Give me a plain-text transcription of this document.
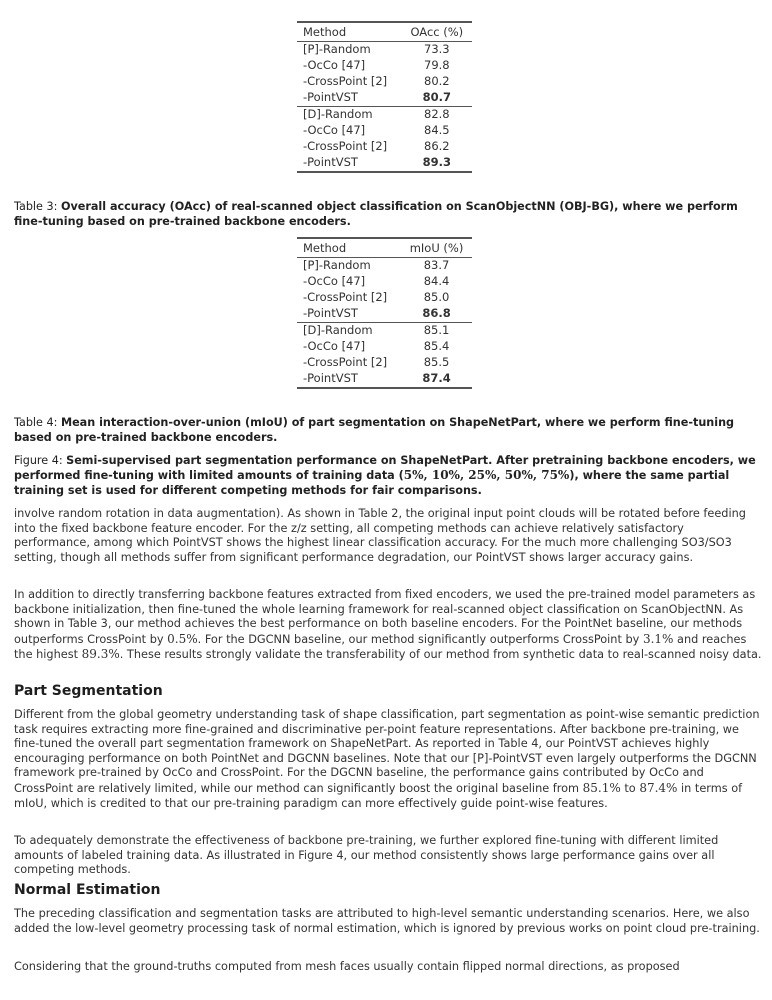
Method	OAcc (%)
[P]-Random	73.3
-OcCo [47]	79.8
-CrossPoint [2]	80.2
-PointVST	80.7
[D]-Random	82.8
-OcCo [47]	84.5
-CrossPoint [2]	86.2
-PointVST	89.3
Table 3: Overall accuracy (OAcc) of real-scanned object classification on ScanObjectNN (OBJ-BG), where we perform fine-tuning based on pre-trained backbone encoders.
Method	mIoU (%)
[P]-Random	83.7
-OcCo [47]	84.4
-CrossPoint [2]	85.0
-PointVST	86.8
[D]-Random	85.1
-OcCo [47]	85.4
-CrossPoint [2]	85.5
-PointVST	87.4
Table 4: Mean interaction-over-union (mIoU) of part segmentation on ShapeNetPart, where we perform fine-tuning based on pre-trained backbone encoders.
Figure 4: Semi-supervised part segmentation performance on ShapeNetPart. After pretraining backbone encoders, we performed fine-tuning with limited amounts of training data (5%, 10%, 25%, 50%, 75%), where the same partial training set is used for different competing methods for fair comparisons.

involve random rotation in data augmentation). As shown in Table 2, the original input point clouds will be rotated before feeding into the fixed backbone feature encoder. For the z/z setting, all competing methods can achieve relatively satisfactory performance, among which PointVST shows the highest linear classification accuracy. For the much more challenging SO3/SO3 setting, though all methods suffer from significant performance degradation, our PointVST shows larger accuracy gains.

In addition to directly transferring backbone features extracted from fixed encoders, we used the pre-trained model parameters as backbone initialization, then fine-tuned the whole learning framework for real-scanned object classification on ScanObjectNN. As shown in Table 3, our method achieves the best performance on both baseline encoders. For the PointNet baseline, our methods outperforms CrossPoint by 0.5%. For the DGCNN baseline, our method significantly outperforms CrossPoint by 3.1% and reaches the highest 89.3%. These results strongly validate the transferability of our method from synthetic data to real-scanned noisy data.

Part Segmentation

Different from the global geometry understanding task of shape classification, part segmentation as point-wise semantic prediction task requires extracting more fine-grained and discriminative per-point feature representations. After backbone pre-training, we fine-tuned the overall part segmentation framework on ShapeNetPart. As reported in Table 4, our PointVST achieves highly encouraging performance on both PointNet and DGCNN baselines. Note that our [P]-PointVST even largely outperforms the DGCNN framework pre-trained by OcCo and CrossPoint. For the DGCNN baseline, the performance gains contributed by OcCo and CrossPoint are relatively limited, while our method can significantly boost the original baseline from 85.1% to 87.4% in terms of mIoU, which is credited to that our pre-training paradigm can more effectively guide point-wise features.

To adequately demonstrate the effectiveness of backbone pre-training, we further explored fine-tuning with different limited amounts of labeled training data. As illustrated in Figure 4, our method consistently shows large performance gains over all competing methods.

Normal Estimation

The preceding classification and segmentation tasks are attributed to high-level semantic understanding scenarios. Here, we also added the low-level geometry processing task of normal estimation, which is ignored by previous works on point cloud pre-training.

Considering that the ground-truths computed from mesh faces usually contain flipped normal directions, as proposed
